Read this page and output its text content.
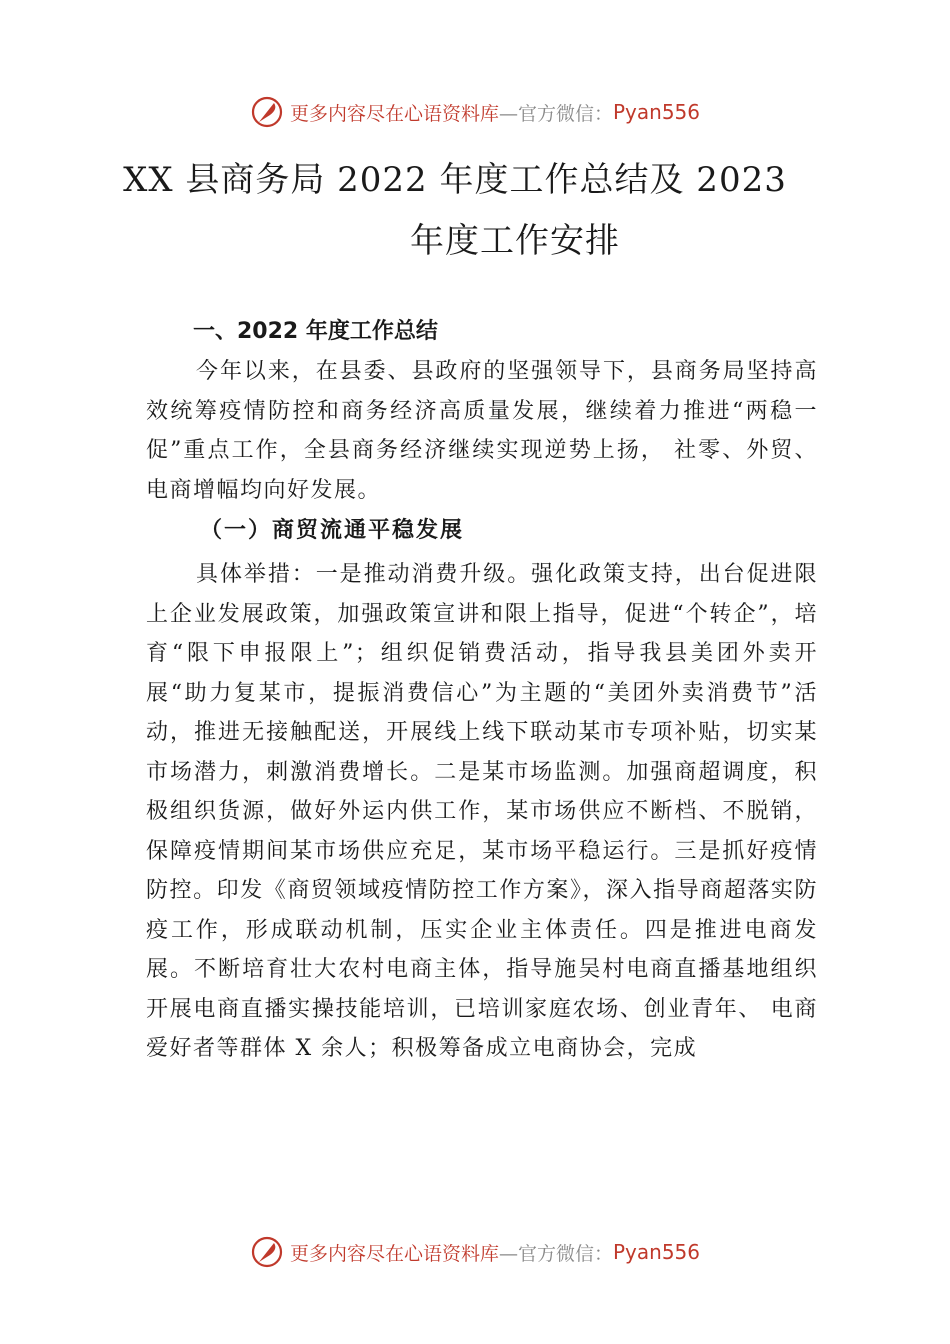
更多内容尽在心语资料库 —官方微信： Pyan556
XX 县商务局 2022 年度工作总结及 2023
年度工作安排
一、2022 年度工作总结
今年以来，在县委、县政府的坚强领导下，县商务局坚持高效统筹疫情防控和商务经济高质量发展，继续着力推进“两稳一促”重点工作，全县商务经济继续实现逆势上扬， 社零、外贸、电商增幅均向好发展。
（一）商贸流通平稳发展
具体举措：一是推动消费升级。强化政策支持，出台促进限上企业发展政策，加强政策宣讲和限上指导，促进“个转企”，培育“限下申报限上”；组织促销费活动，指导我县美团外卖开展“助力复某市，提振消费信心”为主题的“美团外卖消费节”活动，推进无接触配送，开展线上线下联动某市专项补贴，切实某市场潜力，刺激消费增长。二是某市场监测。加强商超调度，积极组织货源，做好外运内供工作，某市场供应不断档、不脱销，保障疫情期间某市场供应充足，某市场平稳运行。三是抓好疫情防控。印发《商贸领域疫情防控工作方案》，深入指导商超落实防疫工作，形成联动机制，压实企业主体责任。四是推进电商发展。不断培育壮大农村电商主体，指导施吴村电商直播基地组织开展电商直播实操技能培训，已培训家庭农场、创业青年、 电商爱好者等群体 X 余人；积极筹备成立电商协会，完成
更多内容尽在心语资料库 —官方微信： Pyan556
